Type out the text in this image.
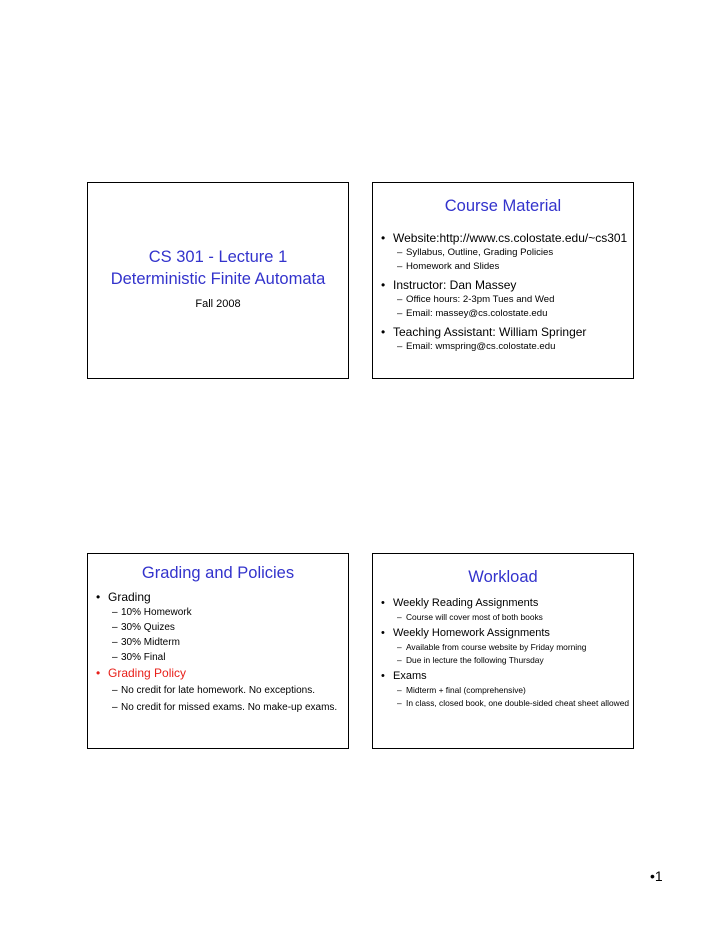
CS 301 - Lecture 1
Deterministic Finite Automata
Fall 2008
Course Material
• Website:http://www.cs.colostate.edu/~cs301
– Syllabus, Outline, Grading Policies
– Homework and Slides
• Instructor: Dan Massey
– Office hours: 2-3pm Tues and Wed
– Email: massey@cs.colostate.edu
• Teaching Assistant: William Springer
– Email: wmspring@cs.colostate.edu
Grading and Policies
• Grading
– 10% Homework
– 30% Quizes
– 30% Midterm
– 30% Final
• Grading Policy
– No credit for late homework. No exceptions.
– No credit for missed exams. No make-up exams.
Workload
• Weekly Reading Assignments
– Course will cover most of both books
• Weekly Homework Assignments
– Available from course website by Friday morning
– Due in lecture the following Thursday
• Exams
– Midterm + final (comprehensive)
– In class, closed book, one double-sided cheat sheet allowed
•1
